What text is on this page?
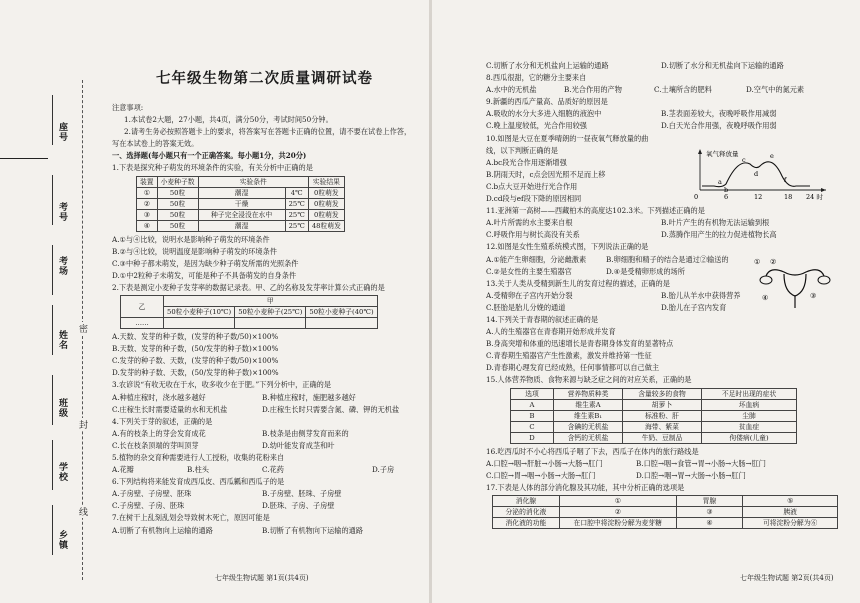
座号
考号
考场
姓名
班级
学校
乡镇
密
封
线
七年级生物第二次质量调研试卷
注意事项:
1.本试卷2大题，27小题，共4页，满分50分，考试时间50分钟。
2.请考生务必按照答题卡上的要求，将答案写在答题卡正确的位置，请不要在试卷上作答，
写在本试卷上的答案无效。
一、选择题(每小题只有一个正确答案。每小题1分，共20分)
1.下表是探究种子萌发的环境条件的实验，有关分析中正确的是
装置	小麦种子数	实验条件		实验结果
①	50粒	潮湿	4℃	0粒萌发
②	50粒	干燥	25℃	0粒萌发
③	50粒	种子完全浸没在水中	25℃	0粒萌发
④	50粒	潮湿	25℃	48粒萌发
A.①与④比较，说明水是影响种子萌发的环境条件
B.②与④比较，说明温度是影响种子萌发的环境条件
C.③中种子都未萌发，是因为缺少种子萌发所需的光照条件
D.①中2粒种子未萌发，可能是种子不具备萌发的自身条件
2.下表是测定小麦种子发芽率的数据记录表。甲、乙的名称及发芽率计算公式正确的是
乙	甲		
	50粒小麦种子(10℃)	50粒小麦种子(25℃)	50粒小麦种子(40℃)
……			
A.天数、发芽的种子数，(发芽的种子数/50)×100%
B.天数、发芽的种子数，(50/发芽的种子数)×100%
C.发芽的种子数、天数，(发芽的种子数/50)×100%
D.发芽的种子数、天数，(50/发芽的种子数)×100%
3.农谚说“有收无收在于水，收多收少在于肥。”下列分析中，正确的是
A.种植庄稼时，浇水越多越好	B.种植庄稼时，施肥越多越好
C.庄稼生长时需要适量的水和无机盐	D.庄稼生长时只需要含氮、磷、钾的无机盐
4.下列关于芽的叙述，正确的是
A.有的枝条上的芽会发育成花	B.枝条是由侧芽发育而来的
C.长在枝条顶端的芽叫顶芽	D.幼叶能发育成茎和叶
5.植物的杂交育种需要进行人工授粉，收集的花粉来自
A.花瓣	B.柱头	C.花药	D.子房
6.下列结构将来能发育成西瓜皮、西瓜瓤和西瓜子的是
A.子房壁、子房壁、胚珠	B.子房壁、胚珠、子房壁
C.子房壁、子房、胚珠	D.胚珠、子房、子房壁
7.在树干上乱刻乱划会导致树木死亡，原因可能是
A.切断了有机物向上运输的通路	B.切断了有机物向下运输的通路
七年级生物试题 第1页(共4页)
C.切断了水分和无机盐向上运输的通路	D.切断了水分和无机盐向下运输的通路
8.西瓜很甜，它的糖分主要来自
A.水中的无机盐	B.光合作用的产物	C.土壤所含的肥料	D.空气中的氮元素
9.新疆的西瓜产量高、品质好的原因是
A.吸收的水分大多进入细胞的液泡中	B.茎表面差较大，夜晚呼吸作用减弱
C.晚上温度较低，光合作用较强	D.白天光合作用强，夜晚呼吸作用弱
10.如图是大豆在夏季晴朗的一昼夜氧气释放量的曲
线，以下判断正确的是
A.bc段光合作用逐渐增强
B.阴雨天时，c点会因光照不足而上移
C.b点大豆开始进行光合作用
D.cd段与ef段下降的原因相同
11.亚洲第一高树——西藏柏木的高度达102.3米。下列描述正确的是
A.叶片所需的水主要来自根	B.叶片产生的有机物无法运输到根
C.呼吸作用与树长高没有关系	D.蒸腾作用产生的拉力促进植物长高
12.如图是女性生殖系统模式图，下列说法正确的是
A.①能产生卵细胞，分泌雌激素	B.卵细胞和精子的结合是通过②输送的
C.②是女性的主要生殖器官	D.④是受精卵形成的场所
13.关于人类从受精到新生儿的发育过程的描述，正确的是
A.受精卵在子宫内开始分裂	B.胎儿从羊水中获得营养
C.胚胎是胎儿分娩的通道	D.胎儿在子宫内发育
14.下列关于青春期的叙述正确的是
A.人的生殖器官在青春期开始形成并发育
B.身高突增和体重的迅速增长是青春期身体发育的显著特点
C.青春期生殖器官产生性激素，激发并维持第一性征
D.青春期心理发育已经成熟，任何事情都可以自己做主
15.人体营养物质、食物来源与缺乏症之间的对应关系，正确的是
选项	营养物质种类	含量较多的食物	不足时出现的症状
A	维生素A	胡萝卜	坏血病
B	维生素B₁	标准粉、肝	尘肺
C	含碘的无机盐	海带、紫菜	贫血症
D	含钙的无机盐	牛奶、豆制品	佝偻病(儿童)
16.吃西瓜时不小心将西瓜子咽了下去，西瓜子在体内的旅行路线是
A.口腔→咽→肝脏→小肠→大肠→肛门	B.口腔→咽→食管→胃→小肠→大肠→肛门
C.口腔→胃→咽→小肠→大肠→肛门	D.口腔→咽→胃→大肠→小肠→肛门
17.下表是人体的部分消化腺及其功能，其中分析正确的选项是
消化腺	①	胃腺	⑤
分泌的消化液	②	③	胰液
消化液的功能	在口腔中将淀粉分解为麦芽糖	④	可将淀粉分解为⑥
七年级生物试题 第2页(共4页)
氧气释放量
a
b
c
d
e
f
0	6	12	18 24 时
① ②
③
④
